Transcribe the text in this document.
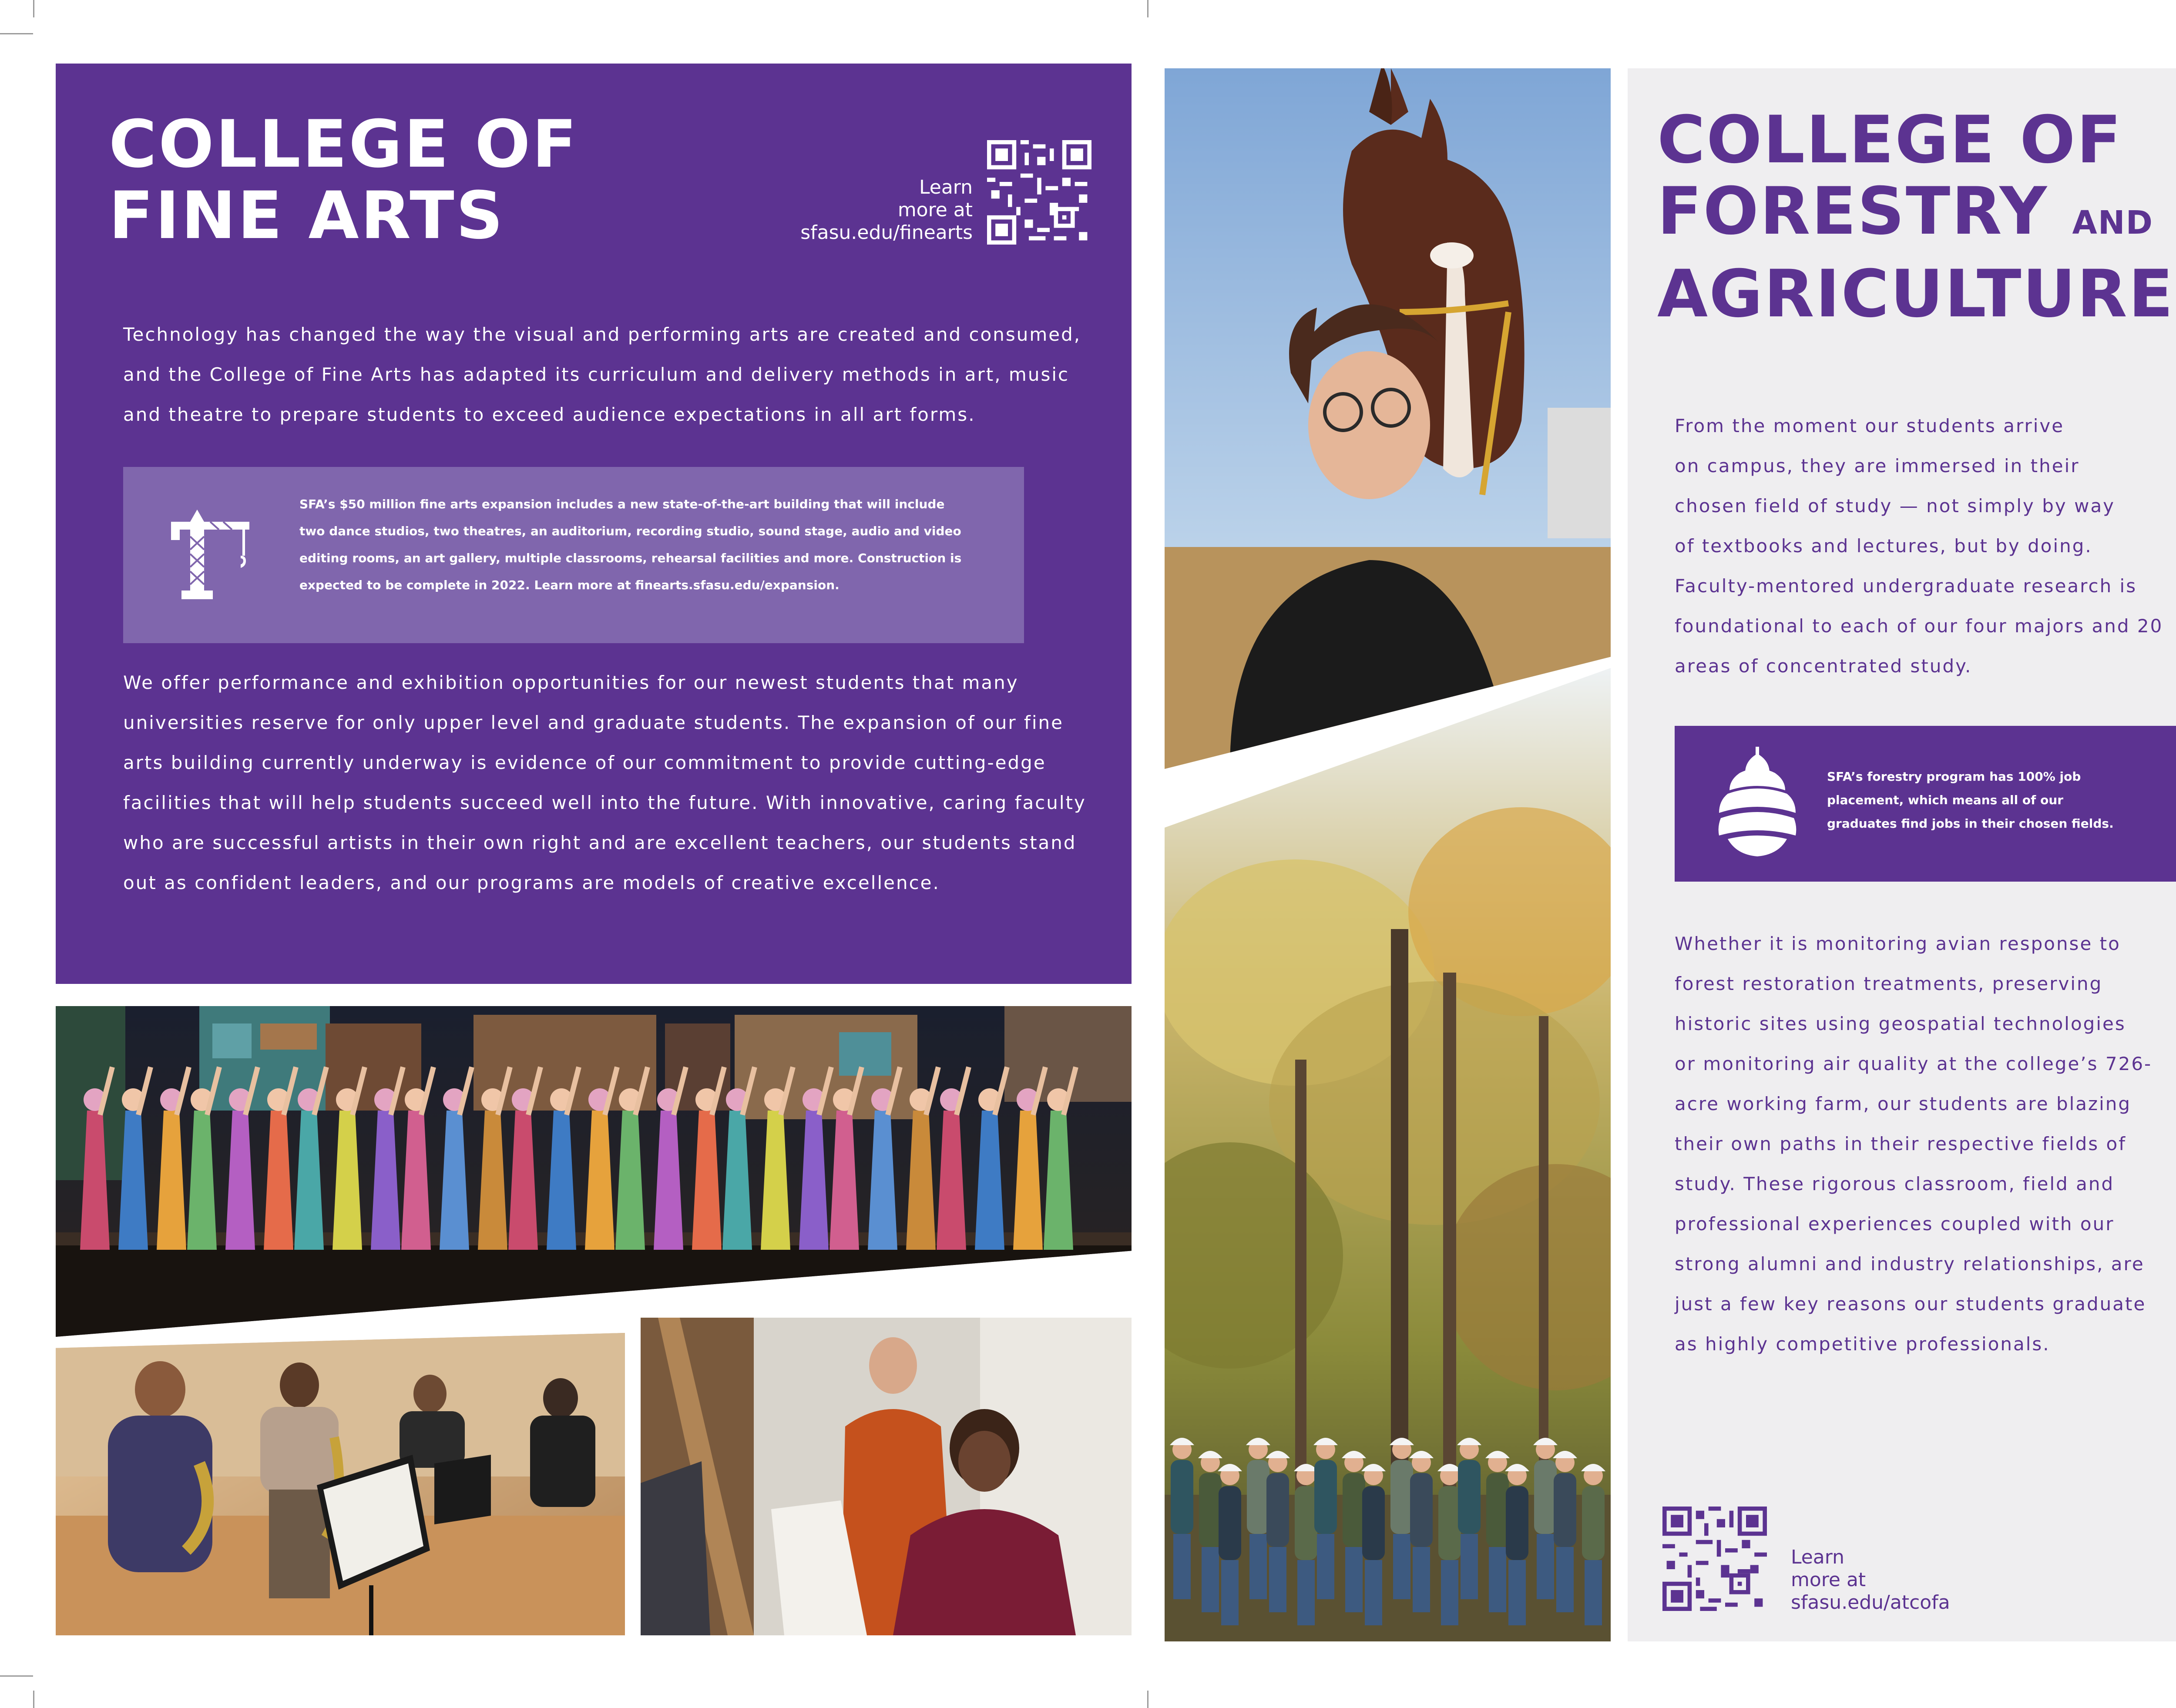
COLLEGE OF
FINE ARTS	Learn
more at
sfasu.edu/finearts

Technology has changed the way the visual and performing arts are created and consumed,
and the College of Fine Arts has adapted its curriculum and delivery methods in art, music
and theatre to prepare students to exceed audience expectations in all art forms.

SFA’s $50 million fine arts expansion includes a new state-of-the-art building that will include
two dance studios, two theatres, an auditorium, recording studio, sound stage, audio and video
editing rooms, an art gallery, multiple classrooms, rehearsal facilities and more. Construction is
expected to be complete in 2022. Learn more at finearts.sfasu.edu/expansion.

We offer performance and exhibition opportunities for our newest students that many
universities reserve for only upper level and graduate students. The expansion of our fine
arts building currently underway is evidence of our commitment to provide cutting-edge
facilities that will help students succeed well into the future. With innovative, caring faculty
who are successful artists in their own right and are excellent teachers, our students stand
out as confident leaders, and our programs are models of creative excellence.

COLLEGE OF
FORESTRY AND
AGRICULTURE

From the moment our students arrive
on campus, they are immersed in their
chosen field of study — not simply by way
of textbooks and lectures, but by doing.
Faculty-mentored undergraduate research is
foundational to each of our four majors and 20
areas of concentrated study.

SFA’s forestry program has 100% job
placement, which means all of our
graduates find jobs in their chosen fields.

Whether it is monitoring avian response to
forest restoration treatments, preserving
historic sites using geospatial technologies
or monitoring air quality at the college’s 726-
acre working farm, our students are blazing
their own paths in their respective fields of
study. These rigorous classroom, field and
professional experiences coupled with our
strong alumni and industry relationships, are
just a few key reasons our students graduate
as highly competitive professionals.

Learn
more at
sfasu.edu/atcofa
